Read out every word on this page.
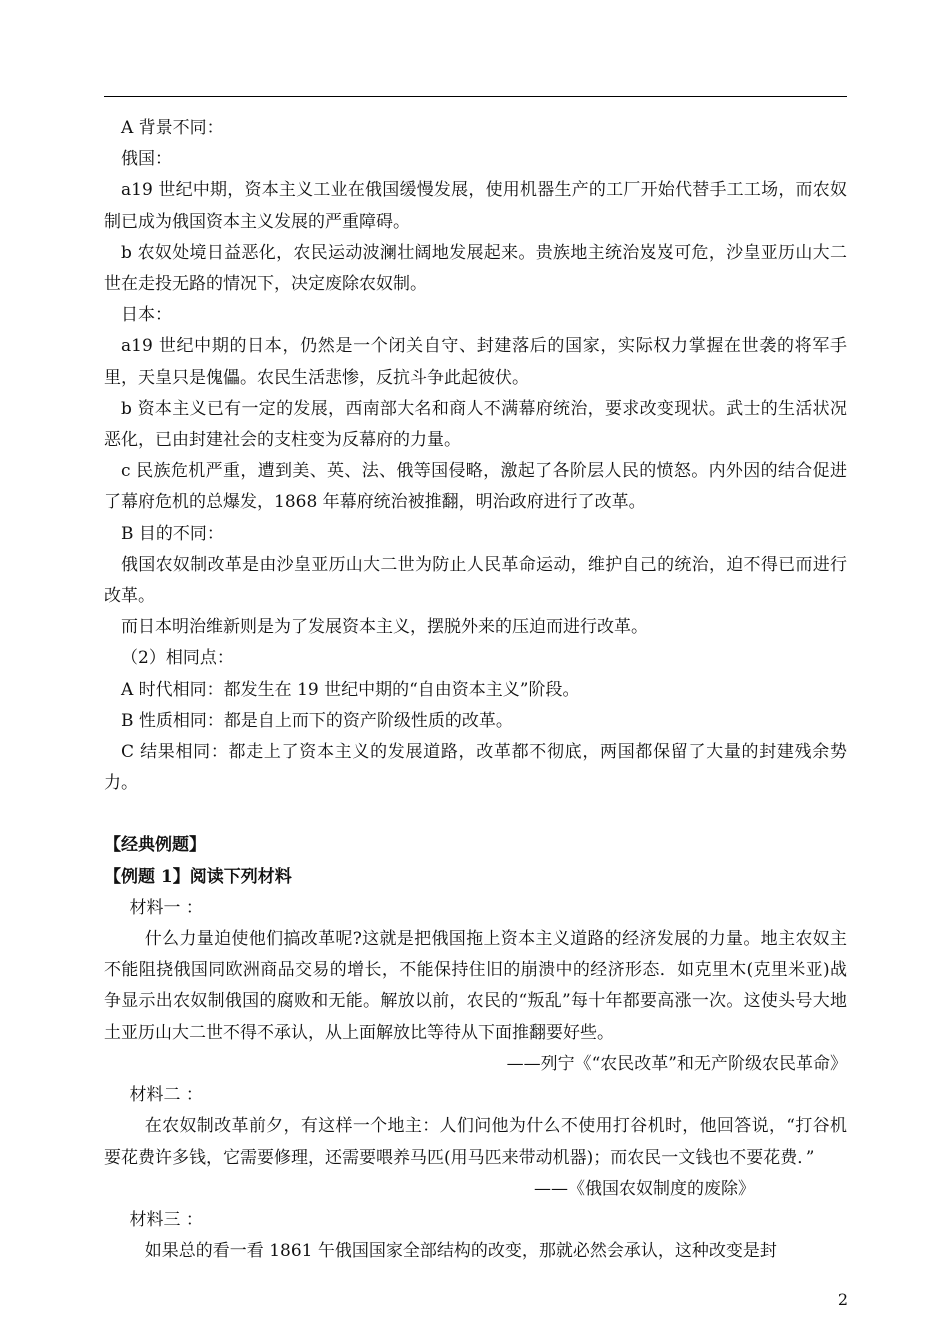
A 背景不同：

俄国：

a19 世纪中期，资本主义工业在俄国缓慢发展，使用机器生产的工厂开始代替手工工场，而农奴制已成为俄国资本主义发展的严重障碍。

b 农奴处境日益恶化，农民运动波澜壮阔地发展起来。贵族地主统治岌岌可危，沙皇亚历山大二世在走投无路的情况下，决定废除农奴制。

日本：

a19 世纪中期的日本，仍然是一个闭关自守、封建落后的国家，实际权力掌握在世袭的将军手里，天皇只是傀儡。农民生活悲惨，反抗斗争此起彼伏。

b 资本主义已有一定的发展，西南部大名和商人不满幕府统治，要求改变现状。武士的生活状况恶化，已由封建社会的支柱变为反幕府的力量。

c 民族危机严重，遭到美、英、法、俄等国侵略，激起了各阶层人民的愤怒。内外因的结合促进了幕府危机的总爆发，1868 年幕府统治被推翻，明治政府进行了改革。

B 目的不同：

俄国农奴制改革是由沙皇亚历山大二世为防止人民革命运动，维护自己的统治，迫不得已而进行改革。

而日本明治维新则是为了发展资本主义，摆脱外来的压迫而进行改革。

（2）相同点：

A 时代相同：都发生在 19 世纪中期的“自由资本主义”阶段。

B 性质相同：都是自上而下的资产阶级性质的改革。

C 结果相同：都走上了资本主义的发展道路，改革都不彻底，两国都保留了大量的封建残余势力。

【经典例题】

【例题 1】阅读下列材料

材料一 ：

什么力量迫使他们搞改革呢?这就是把俄国拖上资本主义道路的经济发展的力量。地主农奴主不能阻挠俄国同欧洲商品交易的增长，不能保持住旧的崩溃中的经济形态．如克里木(克里米亚)战争显示出农奴制俄国的腐败和无能。解放以前，农民的“叛乱”每十年都要高涨一次。这使头号大地土亚历山大二世不得不承认，从上面解放比等待从下面推翻要好些。

——列宁《“农民改革”和无产阶级农民革命》

材料二 ：

在农奴制改革前夕，有这样一个地主：人们问他为什么不使用打谷机时，他回答说，“打谷机要花费许多钱，它需要修理，还需要喂养马匹(用马匹来带动机器)；而农民一文钱也不要花费．”

——《俄国农奴制度的废除》

材料三 ：

如果总的看一看 1861 午俄国国家全部结构的改变，那就必然会承认，这种改变是封

2
